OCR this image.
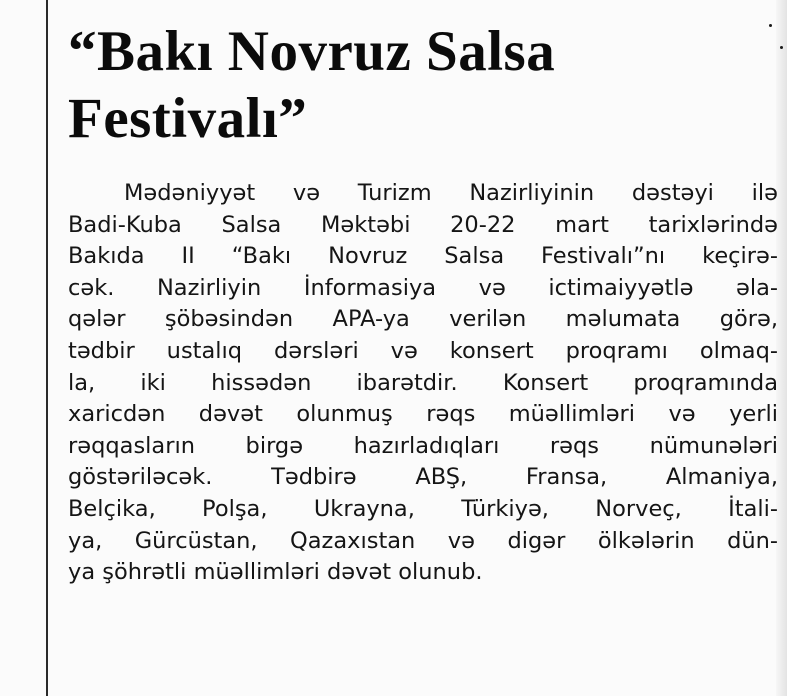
“Bakı Novruz Salsa
Festivalı”
Mədəniyyət və Turizm Nazirliyinin dəstəyi ilə
Badi-Kuba Salsa Məktəbi 20-22 mart tarixlərində
Bakıda II “Bakı Novruz Salsa Festivalı”nı keçirə-
cək. Nazirliyin İnformasiya və ictimaiyyətlə əla-
qələr şöbəsindən APA-ya verilən məlumata görə,
tədbir ustalıq dərsləri və konsert proqramı olmaq-
la, iki hissədən ibarətdir. Konsert proqramında
xaricdən dəvət olunmuş rəqs müəllimləri və yerli
rəqqasların birgə hazırladıqları rəqs nümunələri
göstəriləcək. Tədbirə ABŞ, Fransa, Almaniya,
Belçika, Polşa, Ukrayna, Türkiyə, Norveç, İtali-
ya, Gürcüstan, Qazaxıstan və digər ölkələrin dün-
ya şöhrətli müəllimləri dəvət olunub.
